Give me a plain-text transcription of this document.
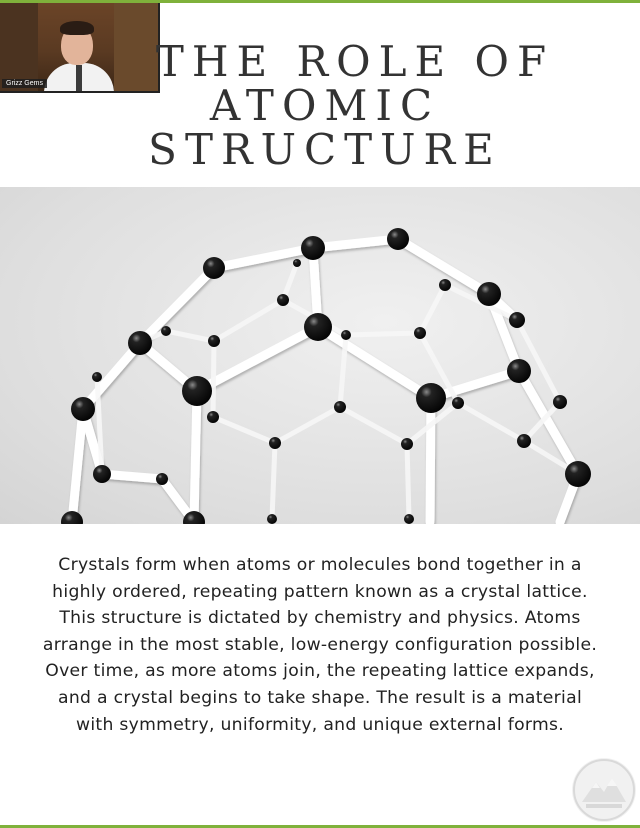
Grizz Gems	THE ROLE OF
ATOMIC STRUCTURE

Crystals form when atoms or molecules bond together in a highly ordered, repeating pattern known as a crystal lattice. This structure is dictated by chemistry and physics. Atoms arrange in the most stable, low-energy configuration possible. Over time, as more atoms join, the repeating lattice expands, and a crystal begins to take shape. The result is a material with symmetry, uniformity, and unique external forms.
